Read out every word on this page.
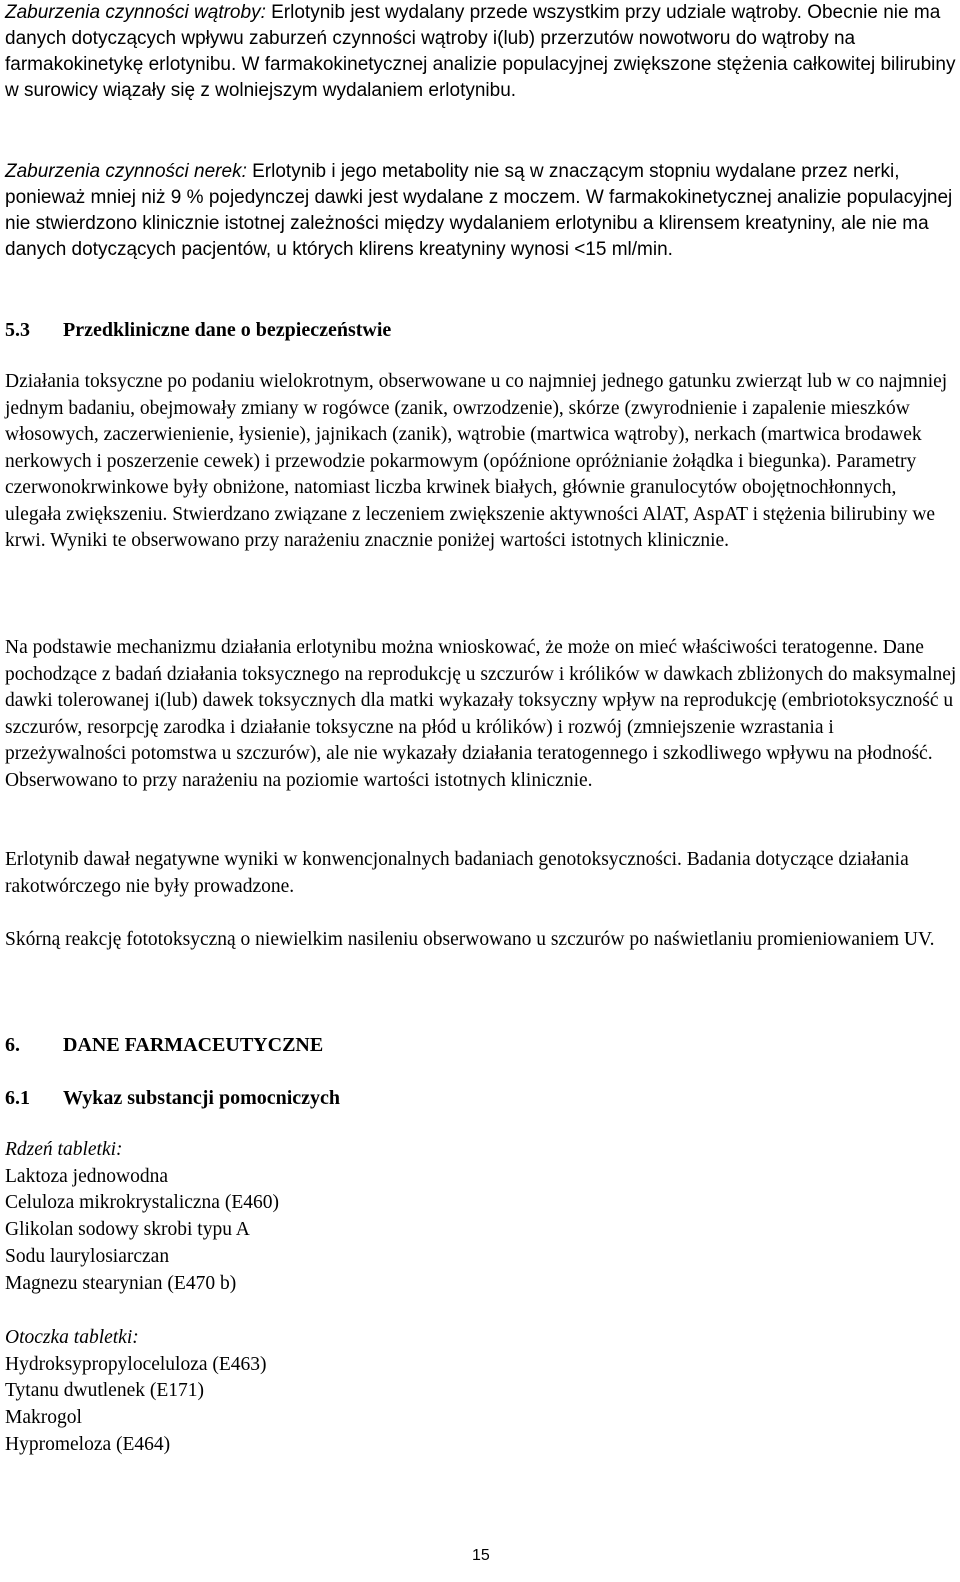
Zaburzenia czynności wątroby: Erlotynib jest wydalany przede wszystkim przy udziale wątroby. Obecnie nie ma danych dotyczących wpływu zaburzeń czynności wątroby i(lub) przerzutów nowotworu do wątroby na farmakokinetykę erlotynibu. W farmakokinetycznej analizie populacyjnej zwiększone stężenia całkowitej bilirubiny w surowicy wiązały się z wolniejszym wydalaniem erlotynibu.

Zaburzenia czynności nerek: Erlotynib i jego metabolity nie są w znaczącym stopniu wydalane przez nerki, ponieważ mniej niż 9 % pojedynczej dawki jest wydalane z moczem. W farmakokinetycznej analizie populacyjnej nie stwierdzono klinicznie istotnej zależności między wydalaniem erlotynibu a klirensem kreatyniny, ale nie ma danych dotyczących pacjentów, u których klirens kreatyniny wynosi <15 ml/min.

5.3 Przedkliniczne dane o bezpieczeństwie

Działania toksyczne po podaniu wielokrotnym, obserwowane u co najmniej jednego gatunku zwierząt lub w co najmniej jednym badaniu, obejmowały zmiany w rogówce (zanik, owrzodzenie), skórze (zwyrodnienie i zapalenie mieszków włosowych, zaczerwienienie, łysienie), jajnikach (zanik), wątrobie (martwica wątroby), nerkach (martwica brodawek nerkowych i poszerzenie cewek) i przewodzie pokarmowym (opóźnione opróżnianie żołądka i biegunka). Parametry czerwonokrwinkowe były obniżone, natomiast liczba krwinek białych, głównie granulocytów obojętnochłonnych, ulegała zwiększeniu. Stwierdzano związane z leczeniem zwiększenie aktywności AlAT, AspAT i stężenia bilirubiny we krwi. Wyniki te obserwowano przy narażeniu znacznie poniżej wartości istotnych klinicznie.

Na podstawie mechanizmu działania erlotynibu można wnioskować, że może on mieć właściwości teratogenne. Dane pochodzące z badań działania toksycznego na reprodukcję u szczurów i królików w dawkach zbliżonych do maksymalnej dawki tolerowanej i(lub) dawek toksycznych dla matki wykazały toksyczny wpływ na reprodukcję (embriotoksyczność u szczurów, resorpcję zarodka i działanie toksyczne na płód u królików) i rozwój (zmniejszenie wzrastania i przeżywalności potomstwa u szczurów), ale nie wykazały działania teratogennego i szkodliwego wpływu na płodność. Obserwowano to przy narażeniu na poziomie wartości istotnych klinicznie.

Erlotynib dawał negatywne wyniki w konwencjonalnych badaniach genotoksyczności. Badania dotyczące działania rakotwórczego nie były prowadzone.

Skórną reakcję fototoksyczną o niewielkim nasileniu obserwowano u szczurów po naświetlaniu promieniowaniem UV.

6. DANE FARMACEUTYCZNE
6.1 Wykaz substancji pomocniczych
Rdzeń tabletki:
Laktoza jednowodna
Celuloza mikrokrystaliczna (E460)
Glikolan sodowy skrobi typu A
Sodu laurylosiarczan
Magnezu stearynian (E470 b)
Otoczka tabletki:
Hydroksypropyloceluloza (E463)
Tytanu dwutlenek (E171)
Makrogol
Hypromeloza (E464)
15
